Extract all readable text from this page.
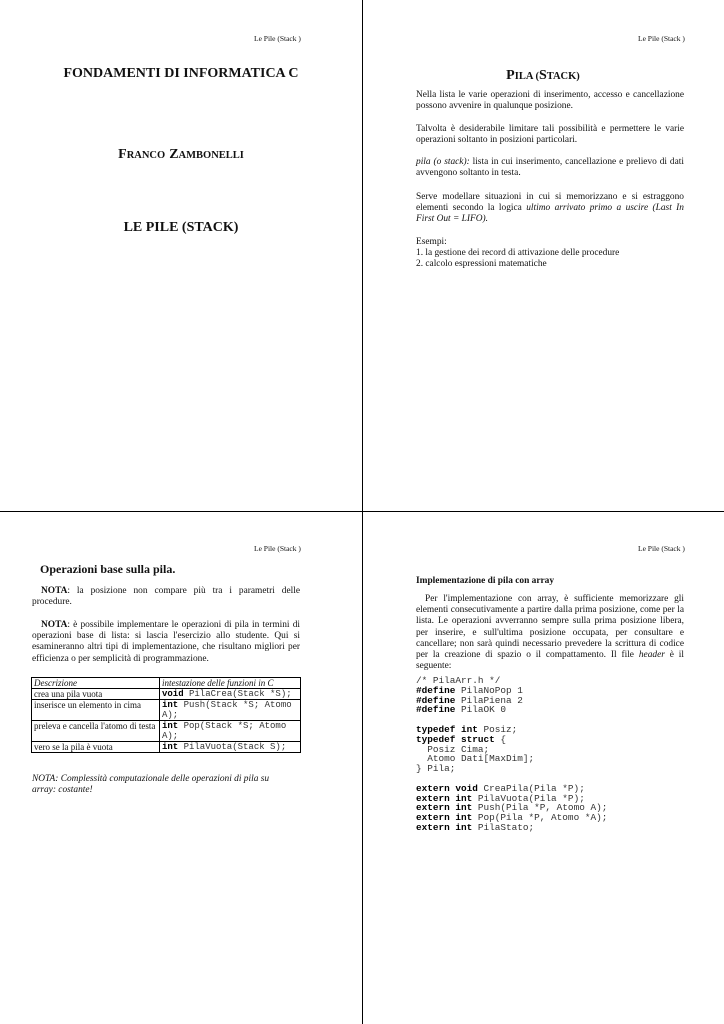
Le Pile (Stack )
FONDAMENTI DI INFORMATICA C
FRANCO ZAMBONELLI
LE PILE (STACK)
Le Pile (Stack )
PILA (STACK)
Nella lista le varie operazioni di inserimento, accesso e cancellazione possono avvenire in qualunque posizione.
Talvolta è desiderabile limitare tali possibilità e permettere le varie operazioni soltanto in posizioni particolari.
pila (o stack): lista in cui inserimento, cancellazione e prelievo di dati avvengono soltanto in testa.
Serve modellare situazioni in cui si memorizzano e si estraggono elementi secondo la logica ultimo arrivato primo a uscire (Last In First Out = LIFO).
Esempi:
1. la gestione dei record di attivazione delle procedure
2. calcolo espressioni matematiche
Le Pile (Stack )
Operazioni base sulla pila.
NOTA: la posizione non compare più tra i parametri delle procedure.
NOTA: è possibile implementare le operazioni di pila in termini di operazioni base di lista: si lascia l'esercizio allo studente. Qui si esamineranno altri tipi di implementazione, che risultano migliori per efficienza o per semplicità di programmazione.
Descrizione	intestazione delle funzioni in C
crea una pila vuota	void PilaCrea(Stack *S);
inserisce un elemento in cima	int Push(Stack *S; Atomo A);
preleva e cancella l'atomo di testa	int Pop(Stack *S; Atomo A);
vero se la pila è vuota	int PilaVuota(Stack S);
NOTA: Complessità computazionale delle operazioni di pila su array: costante!
Le Pile (Stack )
Implementazione di pila con array
Per l'implementazione con array, è sufficiente memorizzare gli elementi consecutivamente a partire dalla prima posizione, come per la lista. Le operazioni avverranno sempre sulla prima posizione libera, per inserire, e sull'ultima posizione occupata, per consultare e cancellare; non sarà quindi necessario prevedere la scrittura di codice per la creazione di spazio o il compattamento. Il file header è il seguente:
/* PilaArr.h */
#define PilaNoPop 1
#define PilaPiena 2
#define PilaOK 0
typedef int Posiz;
typedef struct {
Posiz Cima;
Atomo Dati[MaxDim];
} Pila;
extern void CreaPila(Pila *P);
extern int PilaVuota(Pila *P);
extern int Push(Pila *P, Atomo A);
extern int Pop(Pila *P, Atomo *A);
extern int PilaStato;
